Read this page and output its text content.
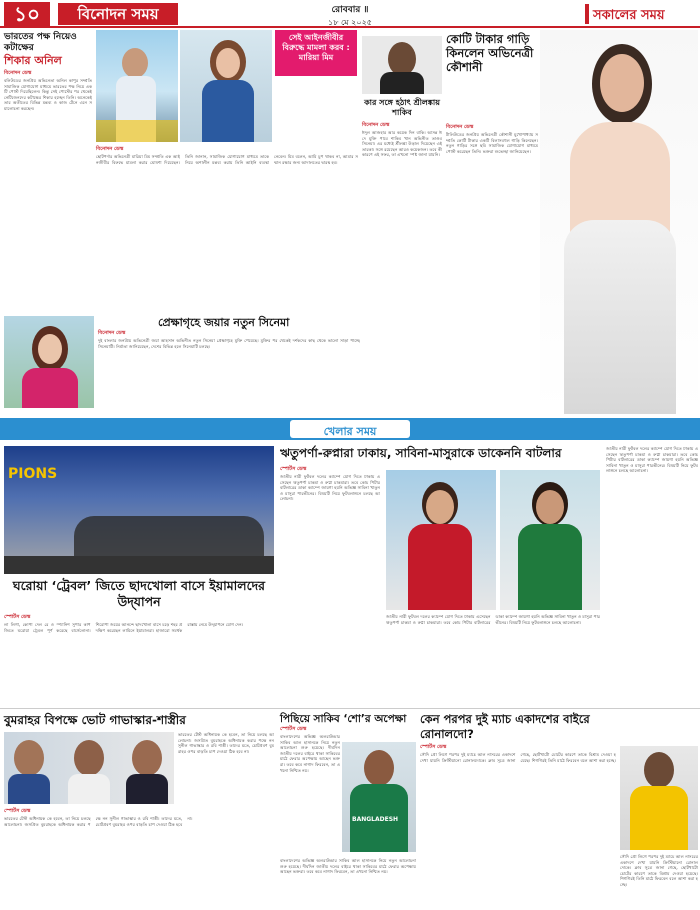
১০	বিনোদন সময়	রোববার ॥
১৮ মে ২০২৫	সকালের সময়
ভারতের পক্ষ নিয়েও কটাক্ষের
শিকার অনিল
বিনোদন ডেস্ক
বলিউডের জনপ্রিয় অভিনেতা অনিল কাপুর সম্প্রতি সামাজিক যোগাযোগ মাধ্যমে ভারতের পক্ষ নিয়ে একটি পোস্ট দিয়েছিলেন। কিন্তু সেই পোস্টের পর থেকেই নেটিজেনদের কটাক্ষের শিকার হচ্ছেন তিনি। অনেকেই তার অতীতের বিভিন্ন মন্তব্য ও কাজ টেনে এনে সমালোচনা করছেন।
সেই আইনজীবীর বিরুদ্ধে মামলা করব : মারিয়া মিম
বিনোদন ডেস্ক
ছোটপর্দার অভিনেত্রী মারিয়া মিম সম্প্রতি এক আইনজীবীর বিরুদ্ধে মামলা করার ঘোষণা দিয়েছেন। তিনি জানান, সামাজিক যোগাযোগ মাধ্যমে তাকে নিয়ে অশালীন মন্তব্য করায় তিনি আইনি ব্যবস্থা নেবেন। মিম বলেন, আমি চুপ থাকব না, আমার সম্মান রক্ষার জন্য আদালতের দ্বারস্থ হব।
কার সঙ্গে হঠাৎ শ্রীলঙ্কায় শাকিব
বিনোদন ডেস্ক
ঈদুল আজহার আর কয়েক দিন বাকি। আসন্ন ঈদে মুক্তি পাবে শাকিব খান অভিনীত তাণ্ডব সিনেমা। এর মধ্যেই শ্রীলঙ্কা উড়াল দিয়েছেন এই তারকা। সঙ্গে রয়েছেন আরও কয়েকজন। তবে কী কারণে এই সফর, তা এখনো স্পষ্ট জানা যায়নি।
কোটি টাকার গাড়ি কিনলেন অভিনেত্রী কৌশানী
বিনোদন ডেস্ক
টালিউডের জনপ্রিয় অভিনেত্রী কৌশানী মুখোপাধ্যায় সম্প্রতি কোটি টাকার একটি বিলাসবহুল গাড়ি কিনেছেন। নতুন গাড়ির সঙ্গে ছবি সামাজিক যোগাযোগ মাধ্যমে পোস্ট করেছেন তিনি। ভক্তরা শুভেচ্ছা জানিয়েছেন।
প্রেক্ষাগৃহে জয়ার নতুন সিনেমা
বিনোদন ডেস্ক
দুই বাংলার জনপ্রিয় অভিনেত্রী জয়া আহসান অভিনীত নতুন সিনেমা প্রেক্ষাগৃহে মুক্তি পেয়েছে। মুক্তির পর থেকেই দর্শকদের কাছ থেকে ভালো সাড়া পাচ্ছে সিনেমাটি। নির্মাতা জানিয়েছেন, দেশের বিভিন্ন হলে সিনেমাটি চলছে।
খেলার সময়
PIONS
ঘরোয়া ‘ট্রেবল’ জিতে ছাদখোলা বাসে ইয়ামালদের উদ্‌যাপন
স্পোর্টস ডেস্ক
লা লিগা, কোপা দেল রে ও স্প্যানিশ সুপার কাপ জিতে ঘরোয়া ট্রেবল পূর্ণ করেছে বার্সেলোনা। শিরোপা জয়ের আনন্দে ছাদখোলা বাসে চড়ে শহর প্রদক্ষিণ করেছেন লামিনে ইয়ামালরা। হাজারো সমর্থক রাস্তায় নেমে উদ্‌যাপনে যোগ দেন।
ঋতুপর্ণা-রুপ্নারা ঢাকায়, সাবিনা-মাসুরাকে ডাকেননি বাটলার
স্পোর্টস ডেস্ক
জাতীয় নারী ফুটবল দলের ক্যাম্পে যোগ দিতে ঢাকায় এসেছেন ঋতুপর্ণা চাকমা ও রুপ্না চাকমারা। তবে কোচ পিটার বাটলারের ডাকা ক্যাম্পে জায়গা হয়নি অভিজ্ঞ সাবিনা খাতুন ও মাসুরা পারভীনের। বিষয়টি নিয়ে ফুটবলাঙ্গনে চলছে আলোচনা।
জাতীয় নারী ফুটবল দলের ক্যাম্পে যোগ দিতে ঢাকায় এসেছেন ঋতুপর্ণা চাকমা ও রুপ্না চাকমারা। তবে কোচ পিটার বাটলারের ডাকা ক্যাম্পে জায়গা হয়নি অভিজ্ঞ সাবিনা খাতুন ও মাসুরা পারভীনের। বিষয়টি নিয়ে ফুটবলাঙ্গনে চলছে আলোচনা।
জাতীয় নারী ফুটবল দলের ক্যাম্পে যোগ দিতে ঢাকায় এসেছেন ঋতুপর্ণা চাকমা ও রুপ্না চাকমারা। তবে কোচ পিটার বাটলারের ডাকা ক্যাম্পে জায়গা হয়নি অভিজ্ঞ সাবিনা খাতুন ও মাসুরা পারভীনের। বিষয়টি নিয়ে ফুটবলাঙ্গনে চলছে আলোচনা।
বুমরাহর বিপক্ষে ভোট গাভাস্কার-শাস্ত্রীর
ভারতের টেস্ট অধিনায়ক কে হবেন, তা নিয়ে চলছে আলোচনা। জসপ্রিত বুমরাহকে অধিনায়ক করার পক্ষে নন সুনীল গাভাস্কার ও রবি শাস্ত্রী। তাদের মতে, চোটপ্রবণ বুমরাহর ওপর বাড়তি চাপ দেওয়া ঠিক হবে না।
স্পোর্টস ডেস্ক
ভারতের টেস্ট অধিনায়ক কে হবেন, তা নিয়ে চলছে আলোচনা। জসপ্রিত বুমরাহকে অধিনায়ক করার পক্ষে নন সুনীল গাভাস্কার ও রবি শাস্ত্রী। তাদের মতে, চোটপ্রবণ বুমরাহর ওপর বাড়তি চাপ দেওয়া ঠিক হবে না।
পিছিয়ে সাকিব ‘শো’র অপেক্ষা
স্পোর্টস ডেস্ক
বাংলাদেশের অভিজ্ঞ অলরাউন্ডার সাকিব আল হাসানকে নিয়ে নতুন আলোচনা শুরু হয়েছে। দীর্ঘদিন জাতীয় দলের বাইরে থাকা সাকিবের মাঠে ফেরার অপেক্ষায় আছেন ভক্তরা। তবে কবে নাগাদ ফিরবেন, তা এখনো নিশ্চিত নয়।
BANGLADESH
বাংলাদেশের অভিজ্ঞ অলরাউন্ডার সাকিব আল হাসানকে নিয়ে নতুন আলোচনা শুরু হয়েছে। দীর্ঘদিন জাতীয় দলের বাইরে থাকা সাকিবের মাঠে ফেরার অপেক্ষায় আছেন ভক্তরা। তবে কবে নাগাদ ফিরবেন, তা এখনো নিশ্চিত নয়।
কেন পরপর দুই ম্যাচ একাদশের বাইরে রোনালদো?
স্পোর্টস ডেস্ক
সৌদি প্রো লিগে পরপর দুই ম্যাচে আল নাসরের একাদশে দেখা যায়নি ক্রিস্টিয়ানো রোনালদোকে। ক্লাব সূত্রে জানা গেছে, ছোটখাটো চোটের কারণে তাকে বিশ্রাম দেওয়া হয়েছে। শিগগিরই তিনি মাঠে ফিরবেন বলে আশা করা হচ্ছে।
সৌদি প্রো লিগে পরপর দুই ম্যাচে আল নাসরের একাদশে দেখা যায়নি ক্রিস্টিয়ানো রোনালদোকে। ক্লাব সূত্রে জানা গেছে, ছোটখাটো চোটের কারণে তাকে বিশ্রাম দেওয়া হয়েছে। শিগগিরই তিনি মাঠে ফিরবেন বলে আশা করা হচ্ছে।
